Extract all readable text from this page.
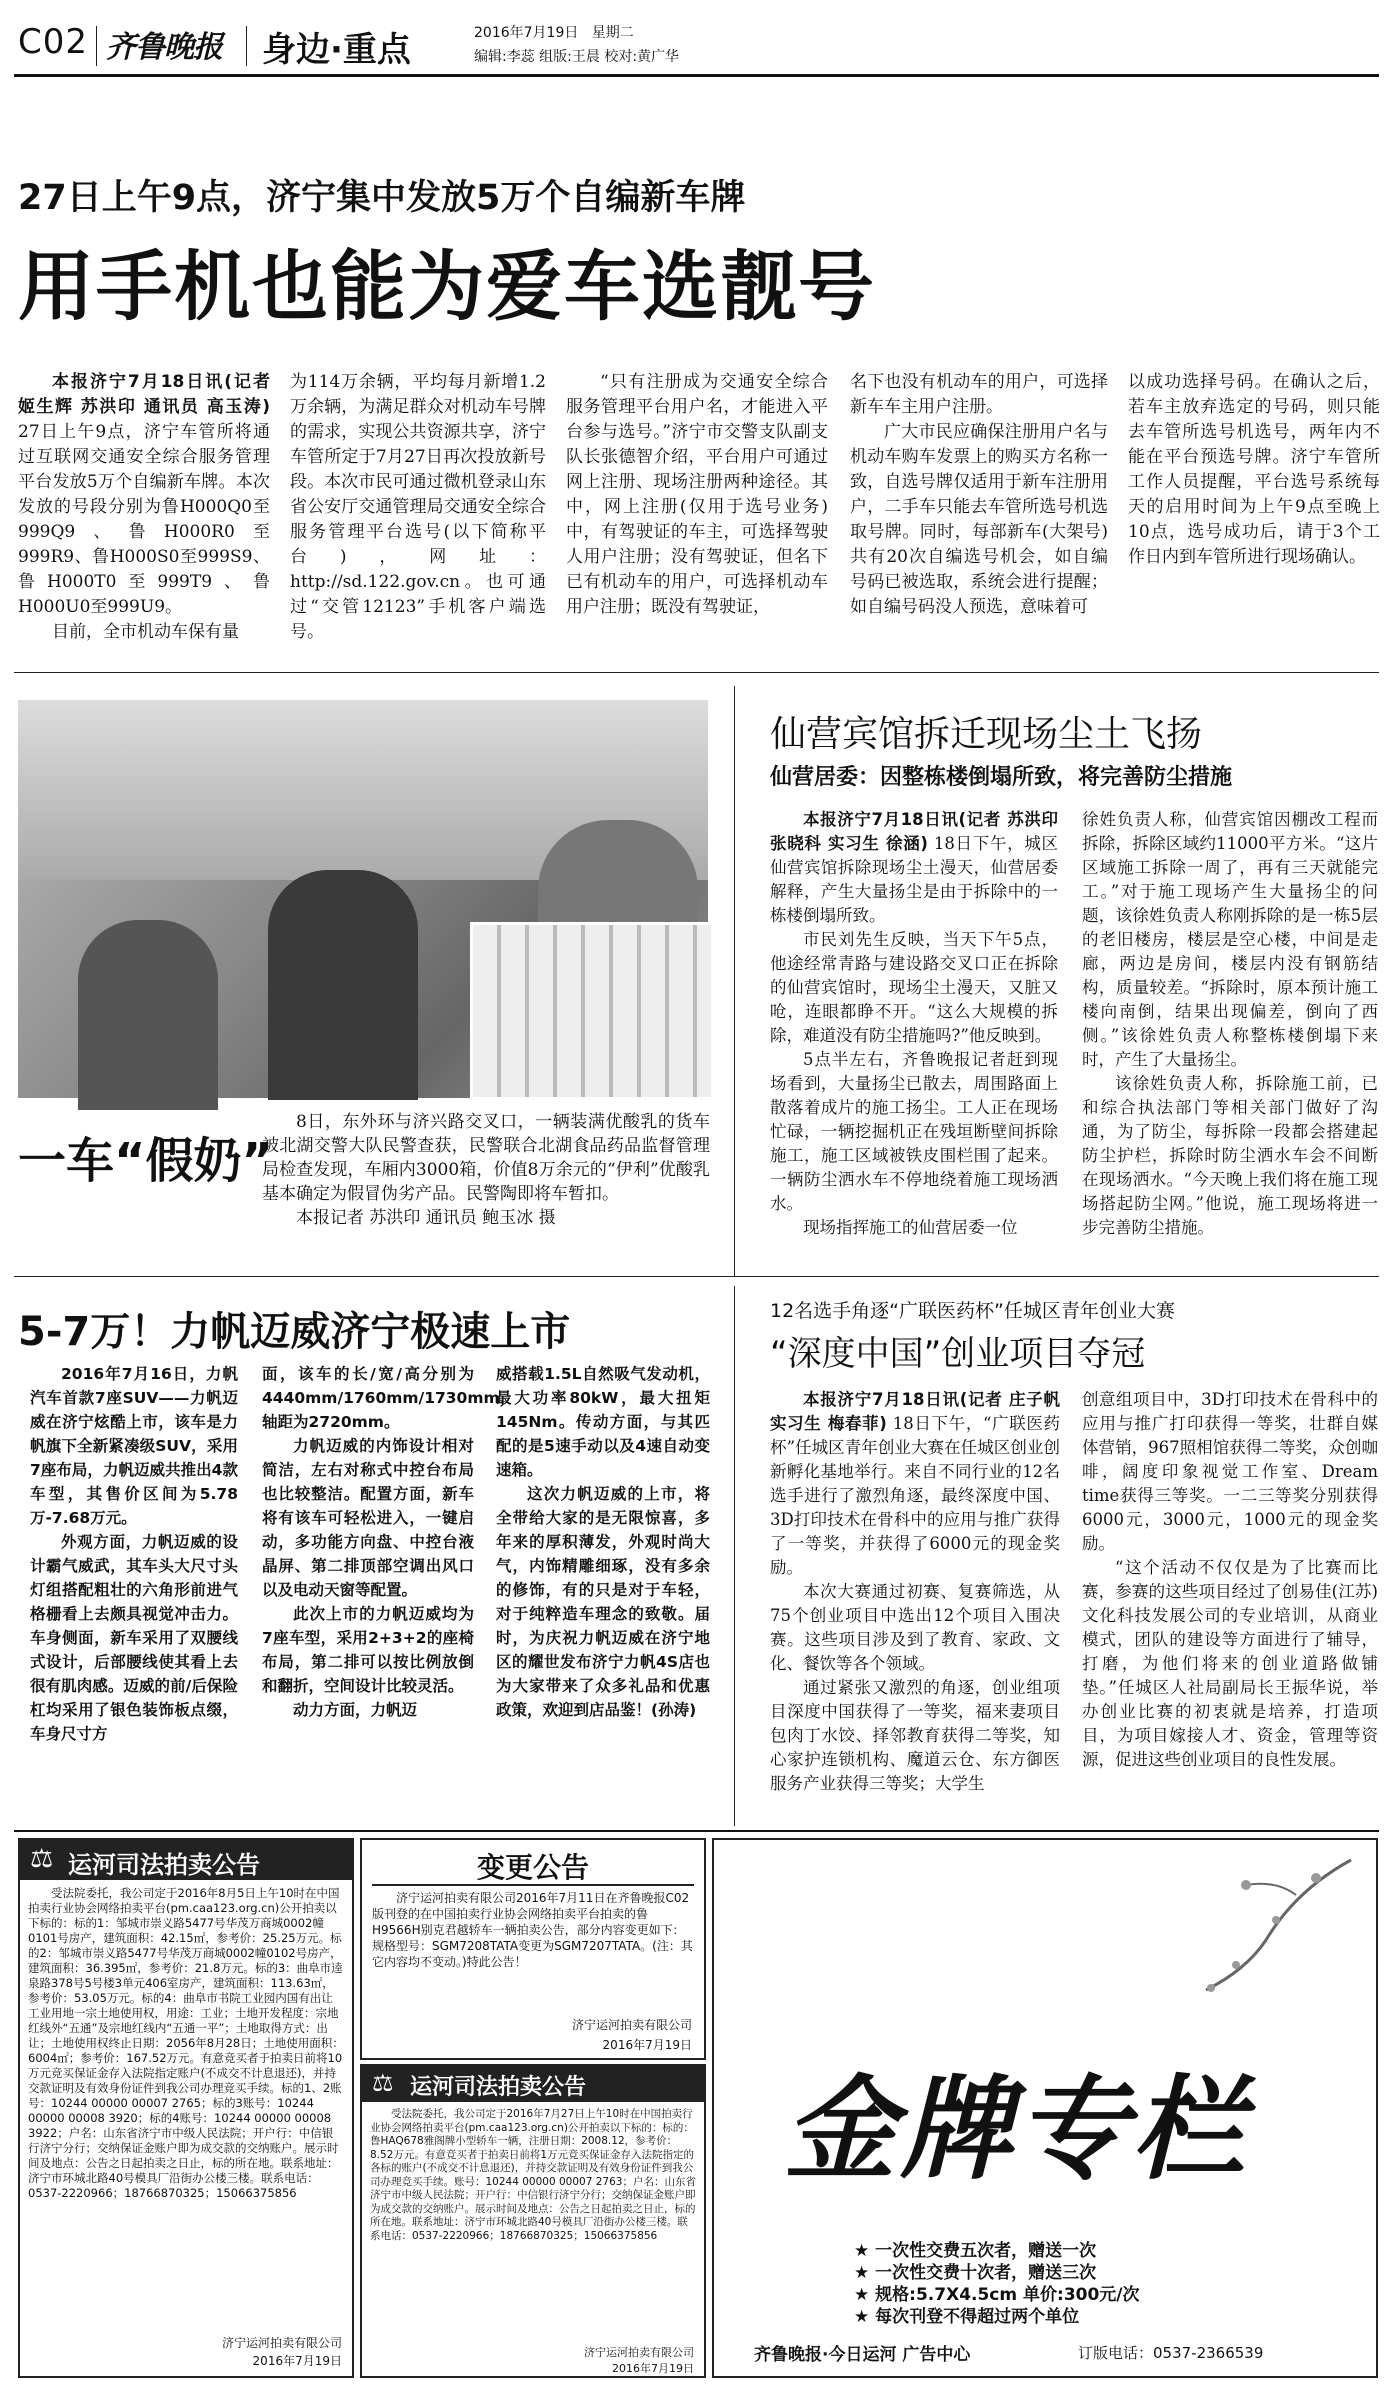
C02 齐鲁晚报 身边·重点	2016年7月19日 星期二
编辑:李蕊 组版:王晨 校对:黄广华
27日上午9点，济宁集中发放5万个自编新车牌
用手机也能为爱车选靓号

本报济宁7月18日讯(记者 姬生辉 苏洪印 通讯员 高玉涛) 27日上午9点，济宁车管所将通过互联网交通安全综合服务管理平台发放5万个自编新车牌。本次发放的号段分别为鲁H000Q0至999Q9、鲁H000R0至999R9、鲁H000S0至999S9、鲁H000T0至999T9、鲁H000U0至999U9。

目前，全市机动车保有量

为114万余辆，平均每月新增1.2万余辆，为满足群众对机动车号牌的需求，实现公共资源共享，济宁车管所定于7月27日再次投放新号段。本次市民可通过微机登录山东省公安厅交通管理局交通安全综合服务管理平台选号(以下简称平台)，网址：http://sd.122.gov.cn。也可通过“交管12123”手机客户端选号。

“只有注册成为交通安全综合服务管理平台用户名，才能进入平台参与选号。”济宁市交警支队副支队长张德智介绍，平台用户可通过网上注册、现场注册两种途径。其中，网上注册(仅用于选号业务)中，有驾驶证的车主，可选择驾驶人用户注册；没有驾驶证，但名下已有机动车的用户，可选择机动车用户注册；既没有驾驶证，

名下也没有机动车的用户，可选择新车车主用户注册。

广大市民应确保注册用户名与机动车购车发票上的购买方名称一致，自选号牌仅适用于新车注册用户，二手车只能去车管所选号机选取号牌。同时，每部新车(大架号)共有20次自编选号机会，如自编号码已被选取，系统会进行提醒；如自编号码没人预选，意味着可

以成功选择号码。在确认之后，若车主放弃选定的号码，则只能去车管所选号机选号，两年内不能在平台预选号牌。济宁车管所工作人员提醒，平台选号系统每天的启用时间为上午9点至晚上10点，选号成功后，请于3个工作日内到车管所进行现场确认。

一车“假奶”

8日，东外环与济兴路交叉口，一辆装满优酸乳的货车被北湖交警大队民警查获，民警联合北湖食品药品监督管理局检查发现，车厢内3000箱，价值8万余元的“伊利”优酸乳基本确定为假冒伪劣产品。民警陶即将车暂扣。

本报记者 苏洪印 通讯员 鲍玉冰 摄

仙营宾馆拆迁现场尘土飞扬
仙营居委：因整栋楼倒塌所致，将完善防尘措施

本报济宁7月18日讯(记者 苏洪印 张晓科 实习生 徐涵) 18日下午，城区仙营宾馆拆除现场尘土漫天，仙营居委解释，产生大量扬尘是由于拆除中的一栋楼倒塌所致。

市民刘先生反映，当天下午5点，他途经常青路与建设路交叉口正在拆除的仙营宾馆时，现场尘土漫天，又脏又呛，连眼都睁不开。“这么大规模的拆除，难道没有防尘措施吗?”他反映到。

5点半左右，齐鲁晚报记者赶到现场看到，大量扬尘已散去，周围路面上散落着成片的施工扬尘。工人正在现场忙碌，一辆挖掘机正在残垣断壁间拆除施工，施工区域被铁皮围栏围了起来。一辆防尘洒水车不停地绕着施工现场洒水。

现场指挥施工的仙营居委一位

徐姓负责人称，仙营宾馆因棚改工程而拆除，拆除区域约11000平方米。“这片区域施工拆除一周了，再有三天就能完工。”对于施工现场产生大量扬尘的问题，该徐姓负责人称刚拆除的是一栋5层的老旧楼房，楼层是空心楼，中间是走廊，两边是房间，楼层内没有钢筋结构，质量较差。“拆除时，原本预计施工楼向南倒，结果出现偏差，倒向了西侧。”该徐姓负责人称整栋楼倒塌下来时，产生了大量扬尘。

该徐姓负责人称，拆除施工前，已和综合执法部门等相关部门做好了沟通，为了防尘，每拆除一段都会搭建起防尘护栏，拆除时防尘洒水车会不间断在现场洒水。“今天晚上我们将在施工现场搭起防尘网。”他说，施工现场将进一步完善防尘措施。

5-7万！力帆迈威济宁极速上市

2016年7月16日，力帆汽车首款7座SUV——力帆迈威在济宁炫酷上市，该车是力帆旗下全新紧凑级SUV，采用7座布局，力帆迈威共推出4款车型，其售价区间为5.78万-7.68万元。

外观方面，力帆迈威的设计霸气威武，其车头大尺寸头灯组搭配粗壮的六角形前进气格栅看上去颇具视觉冲击力。车身侧面，新车采用了双腰线式设计，后部腰线使其看上去很有肌肉感。迈威的前/后保险杠均采用了银色装饰板点缀，车身尺寸方

面，该车的长/宽/高分别为4440mm/1760mm/1730mm，轴距为2720mm。

力帆迈威的内饰设计相对简洁，左右对称式中控台布局也比较整洁。配置方面，新车将有该车可轻松进入，一键启动，多功能方向盘、中控台液晶屏、第二排顶部空调出风口以及电动天窗等配置。

此次上市的力帆迈威均为7座车型，采用2+3+2的座椅布局，第二排可以按比例放倒和翻折，空间设计比较灵活。

动力方面，力帆迈

威搭载1.5L自然吸气发动机，最大功率80kW，最大扭矩145Nm。传动方面，与其匹配的是5速手动以及4速自动变速箱。

这次力帆迈威的上市，将全带给大家的是无限惊喜，多年来的厚积薄发，外观时尚大气，内饰精雕细琢，没有多余的修饰，有的只是对于车轻，对于纯粹造车理念的致敬。届时，为庆祝力帆迈威在济宁地区的耀世发布济宁力帆4S店也为大家带来了众多礼品和优惠政策，欢迎到店品鉴！(孙涛)

12名选手角逐“广联医药杯”任城区青年创业大赛
“深度中国”创业项目夺冠

本报济宁7月18日讯(记者 庄子帆 实习生 梅春菲) 18日下午，“广联医药杯”任城区青年创业大赛在任城区创业创新孵化基地举行。来自不同行业的12名选手进行了激烈角逐，最终深度中国、3D打印技术在骨科中的应用与推广获得了一等奖，并获得了6000元的现金奖励。

本次大赛通过初赛、复赛筛选，从75个创业项目中选出12个项目入围决赛。这些项目涉及到了教育、家政、文化、餐饮等各个领域。

通过紧张又激烈的角逐，创业组项目深度中国获得了一等奖，福来妻项目包肉丁水饺、择邻教育获得二等奖，知心家护连锁机构、魔道云仓、东方御医服务产业获得三等奖；大学生

创意组项目中，3D打印技术在骨科中的应用与推广打印获得一等奖，壮群自媒体营销，967照相馆获得二等奖，众创咖啡，阔度印象视觉工作室、Dream time获得三等奖。一二三等奖分别获得6000元，3000元，1000元的现金奖励。

“这个活动不仅仅是为了比赛而比赛，参赛的这些项目经过了创易佳(江苏)文化科技发展公司的专业培训，从商业模式，团队的建设等方面进行了辅导，打磨，为他们将来的创业道路做铺垫。”任城区人社局副局长王振华说，举办创业比赛的初衷就是培养，打造项目，为项目嫁接人才、资金，管理等资源，促进这些创业项目的良性发展。

⚖ 运河司法拍卖公告

受法院委托，我公司定于2016年8月5日上午10时在中国拍卖行业协会网络拍卖平台(pm.caa123.org.cn)公开拍卖以下标的：标的1：邹城市崇义路5477号华茂万商城0002幢0101号房产，建筑面积：42.15㎡，参考价：25.25万元。标的2：邹城市崇义路5477号华茂万商城0002幢0102号房产，建筑面积：36.395㎡，参考价：21.8万元。标的3：曲阜市逵泉路378号5号楼3单元406室房产，建筑面积：113.63㎡，参考价：53.05万元。标的4：曲阜市书院工业园内国有出让工业用地一宗土地使用权，用途：工业；土地开发程度：宗地红线外“五通”及宗地红线内“五通一平”；土地取得方式：出让；土地使用权终止日期：2056年8月28日；土地使用面积：6004㎡；参考价：167.52万元。有意竞买者于拍卖日前将10万元竞买保证金存入法院指定账户(不成交不计息退还)，并持交款证明及有效身份证件到我公司办理竞买手续。标的1、2账号：10244 00000 00007 2765；标的3账号：10244 00000 00008 3920；标的4账号：10244 00000 00008 3922；户名：山东省济宁市中级人民法院；开户行：中信银行济宁分行；交纳保证金账户即为成交款的交纳账户。展示时间及地点：公告之日起拍卖之日止，标的所在地。联系地址：济宁市环城北路40号模具厂沿街办公楼三楼。联系电话：0537-2220966；18766870325；15066375856

济宁运河拍卖有限公司
2016年7月19日
变更公告

济宁运河拍卖有限公司2016年7月11日在齐鲁晚报C02版刊登的在中国拍卖行业协会网络拍卖平台拍卖的鲁H9566H别克君越轿车一辆拍卖公告，部分内容变更如下：规格型号：SGM7208TATA变更为SGM7207TATA。(注：其它内容均不变动。)特此公告！

济宁运河拍卖有限公司
2016年7月19日
⚖ 运河司法拍卖公告

受法院委托，我公司定于2016年7月27日上午10时在中国拍卖行业协会网络拍卖平台(pm.caa123.org.cn)公开拍卖以下标的：标的：鲁HAQ678雅阁牌小型轿车一辆，注册日期：2008.12，参考价：8.52万元。有意竞买者于拍卖日前将1万元竞买保证金存入法院指定的各标的账户(不成交不计息退还)，并持交款证明及有效身份证件到我公司办理竞买手续。账号：10244 00000 00007 2763；户名：山东省济宁市中级人民法院；开户行：中信银行济宁分行；交纳保证金账户即为成交款的交纳账户。展示时间及地点：公告之日起拍卖之日止，标的所在地。联系地址：济宁市环城北路40号模具厂沿街办公楼三楼。联系电话：0537-2220966；18766870325；15066375856

济宁运河拍卖有限公司
2016年7月19日
金牌专栏
★ 一次性交费五次者，赠送一次
★ 一次性交费十次者，赠送三次
★ 规格:5.7X4.5cm 单价:300元/次
★ 每次刊登不得超过两个单位
齐鲁晚报·今日运河 广告中心	订版电话：0537-2366539
